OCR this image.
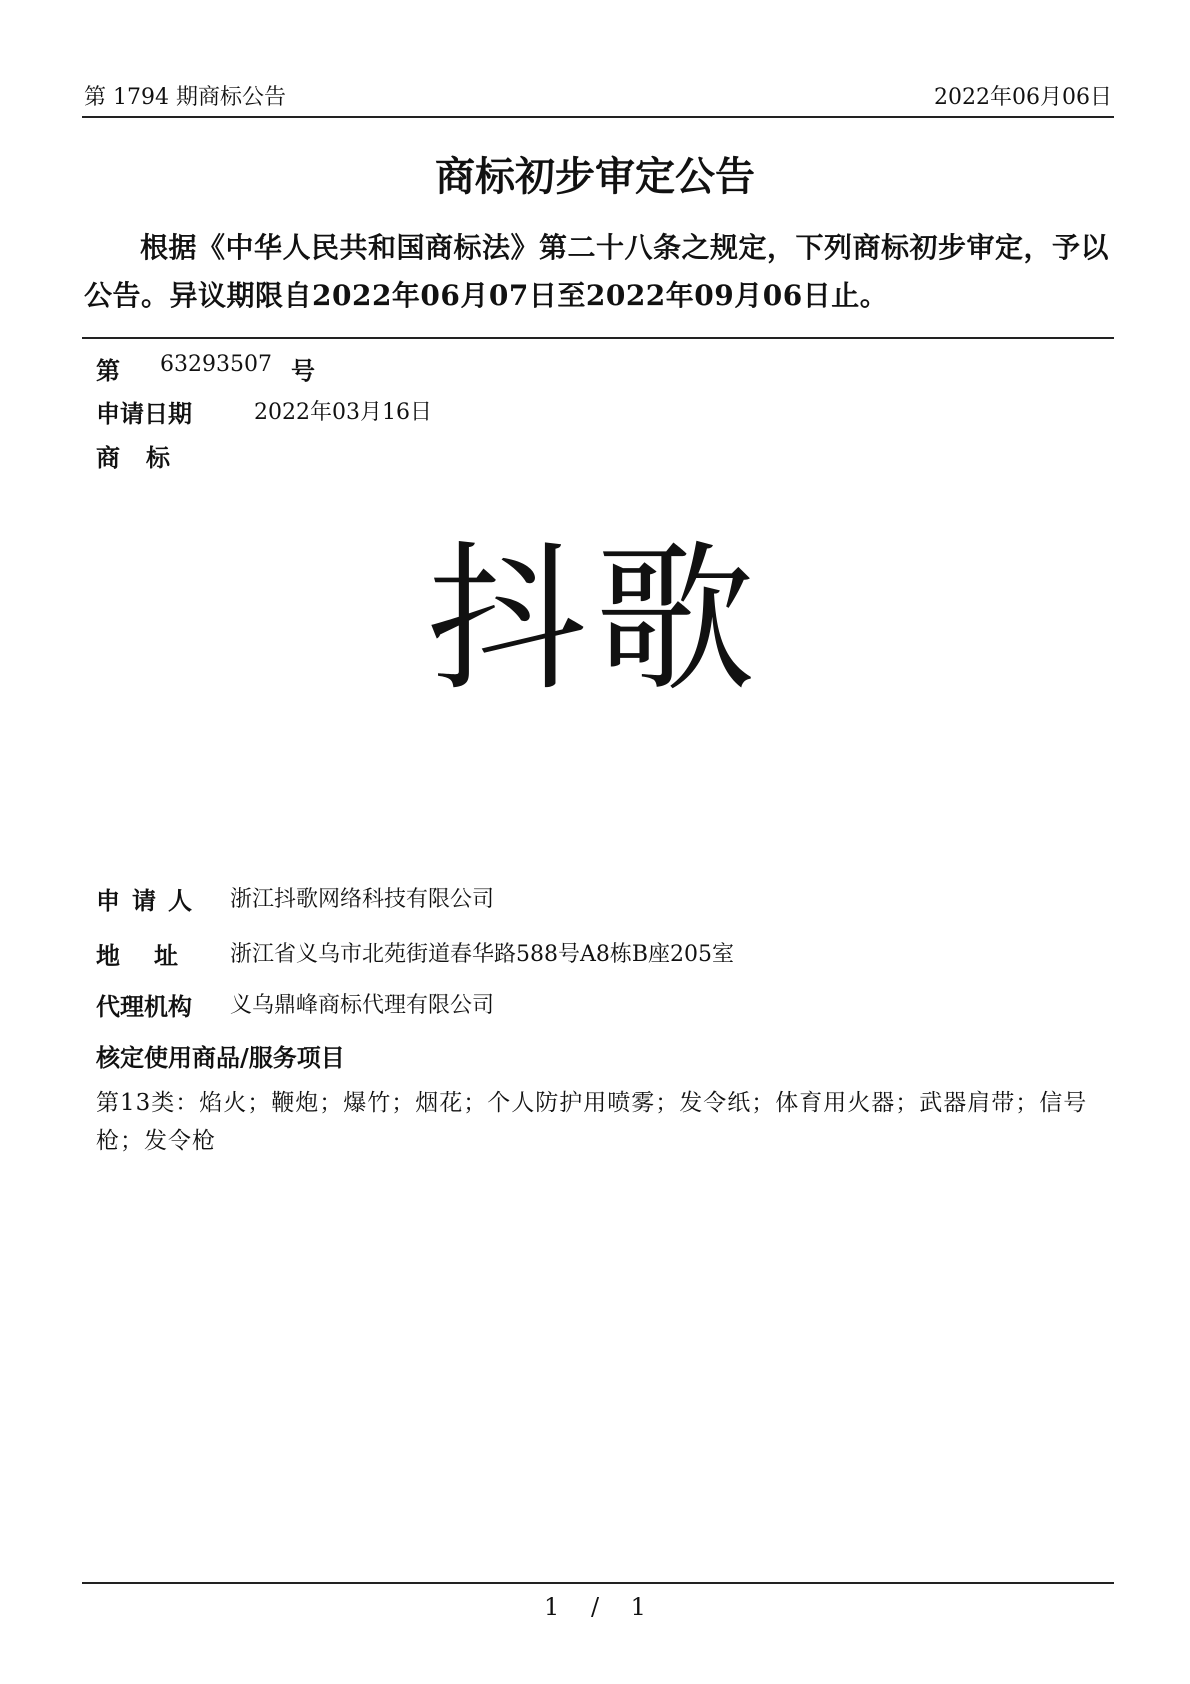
第 1794 期商标公告	2022年06月06日
商标初步审定公告
根据《中华人民共和国商标法》第二十八条之规定，下列商标初步审定，予以公告。异议期限自2022年06月07日至2022年09月06日止。
第 63293507 号
申请日期	2022年03月16日
商标
抖歌
申请人 浙江抖歌网络科技有限公司
地址 浙江省义乌市北苑街道春华路588号A8栋B座205室
代理机构 义乌鼎峰商标代理有限公司
核定使用商品/服务项目
第13类：焰火；鞭炮；爆竹；烟花；个人防护用喷雾；发令纸；体育用火器；武器肩带；信号枪；发令枪
1 / 1
